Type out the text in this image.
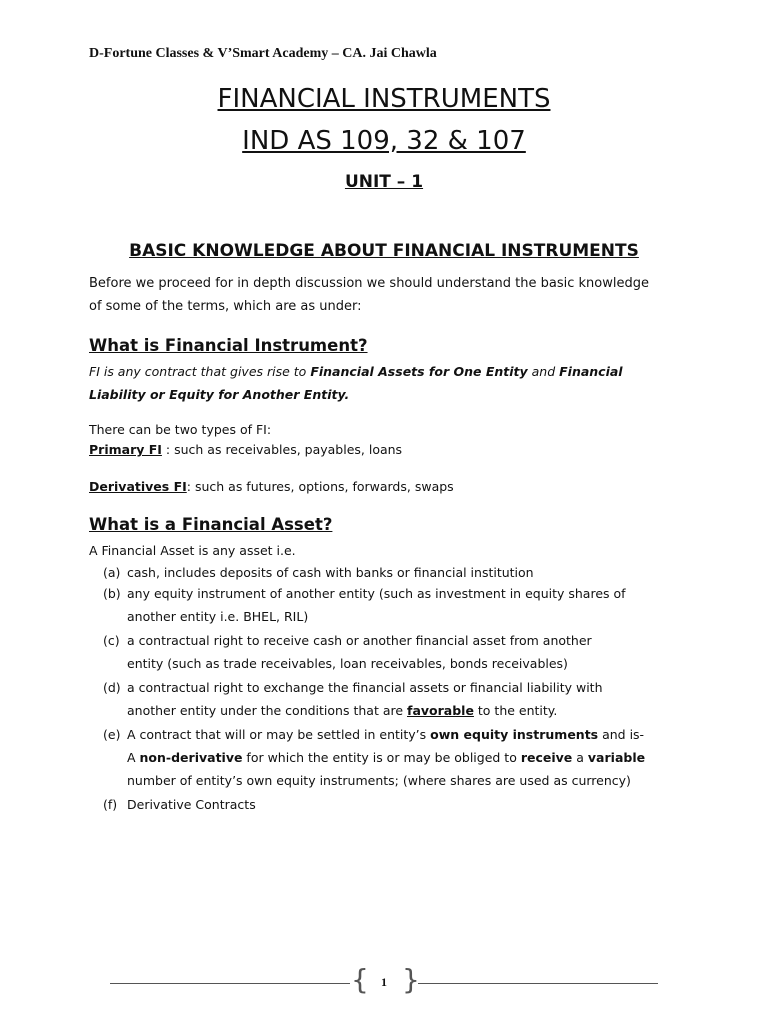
D-Fortune Classes & V’Smart Academy – CA. Jai Chawla
FINANCIAL INSTRUMENTS
IND AS 109, 32 & 107
UNIT – 1
BASIC KNOWLEDGE ABOUT FINANCIAL INSTRUMENTS
Before we proceed for in depth discussion we should understand the basic knowledge
of some of the terms, which are as under:
What is Financial Instrument?
FI is any contract that gives rise to Financial Assets for One Entity and Financial
Liability or Equity for Another Entity.
There can be two types of FI:
Primary FI : such as receivables, payables, loans
Derivatives FI: such as futures, options, forwards, swaps
What is a Financial Asset?
A Financial Asset is any asset i.e.
(a) cash, includes deposits of cash with banks or financial institution
(b) any equity instrument of another entity (such as investment in equity shares of
another entity i.e. BHEL, RIL)
(c) a contractual right to receive cash or another financial asset from another
entity (such as trade receivables, loan receivables, bonds receivables)
(d) a contractual right to exchange the financial assets or financial liability with
another entity under the conditions that are favorable to the entity.
(e) A contract that will or may be settled in entity’s own equity instruments and is-
A non-derivative for which the entity is or may be obliged to receive a variable
number of entity’s own equity instruments; (where shares are used as currency)
(f) Derivative Contracts
{ }
1
